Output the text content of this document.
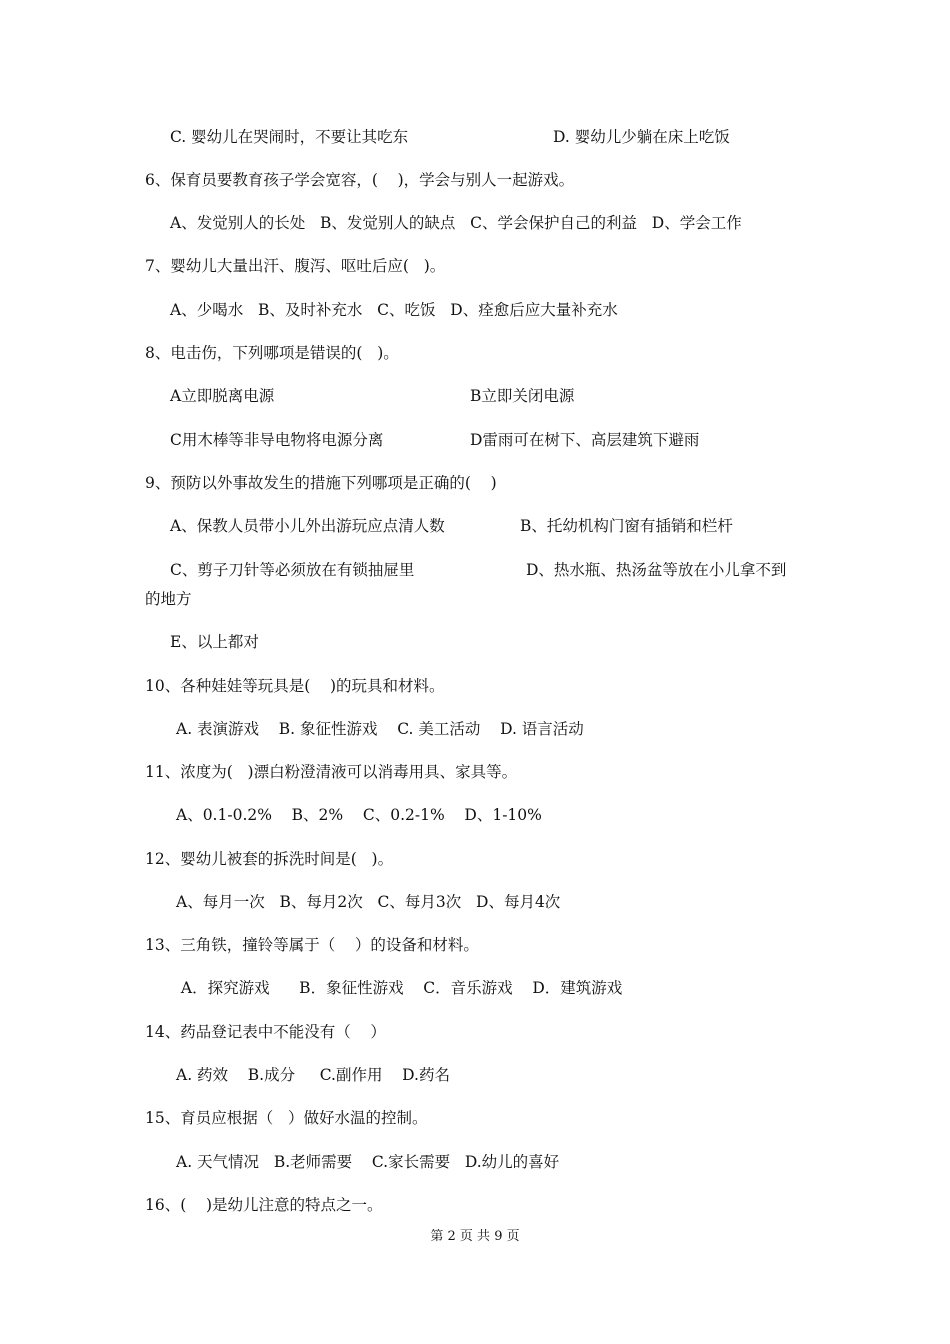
C. 婴幼儿在哭闹时，不要让其吃东	D. 婴幼儿少躺在床上吃饭
6、保育员要教育孩子学会宽容，(    )，学会与别人一起游戏。
A、发觉别人的长处   B、发觉别人的缺点   C、学会保护自己的利益   D、学会工作
7、婴幼儿大量出汗、腹泻、呕吐后应(   )。
A、少喝水   B、及时补充水   C、吃饭   D、痊愈后应大量补充水
8、电击伤，下列哪项是错误的(   )。
A立即脱离电源	B立即关闭电源
C用木棒等非导电物将电源分离	D雷雨可在树下、高层建筑下避雨
9、预防以外事故发生的措施下列哪项是正确的(    )
A、保教人员带小儿外出游玩应点清人数	B、托幼机构门窗有插销和栏杆
C、剪子刀针等必须放在有锁抽屉里	D、热水瓶、热汤盆等放在小儿拿不到
的地方
E、以上都对
10、各种娃娃等玩具是(    )的玩具和材料。
A. 表演游戏    B. 象征性游戏    C. 美工活动    D. 语言活动
11、浓度为(   )漂白粉澄清液可以消毒用具、家具等。
A、0.1-0.2%    B、2%    C、0.2-1%    D、1-10%
12、婴幼儿被套的拆洗时间是(   )。
A、每月一次   B、每月2次   C、每月3次   D、每月4次
13、三角铁，撞铃等属于（    ）的设备和材料。
A．探究游戏      B．象征性游戏    C．音乐游戏    D．建筑游戏
14、药品登记表中不能没有（    ）
A. 药效    B.成分     C.副作用    D.药名
15、育员应根据（   ）做好水温的控制。
A. 天气情况   B.老师需要    C.家长需要   D.幼儿的喜好
16、(    )是幼儿注意的特点之一。
第 2 页 共 9 页
